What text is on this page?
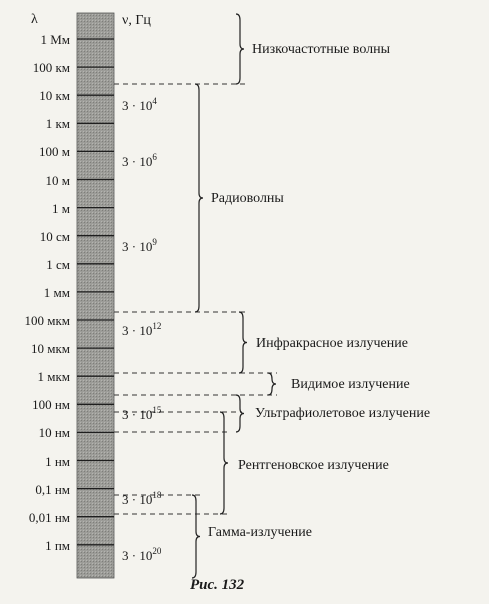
λ	ν, Гц
1 Мм
100 км
10 км
1 км
100 м
10 м
1 м
10 см
1 см
1 мм
100 мкм
10 мкм
1 мкм
100 нм
10 нм
1 нм
0,1 нм
0,01 нм
1 пм
$3 \cdot 10^4$
$3 \cdot 10^6$
$3 \cdot 10^9$
$3 \cdot 10^{12}$
$3 \cdot 10^{15}$
$3 \cdot 10^{18}$
$3 \cdot 10^{20}$
Низкочастотные волны
Радиоволны
Инфракрасное излучение
Видимое излучение
Ультрафиолетовое излучение
Рентгеновское излучение
Гамма-излучение
Рис. 132
